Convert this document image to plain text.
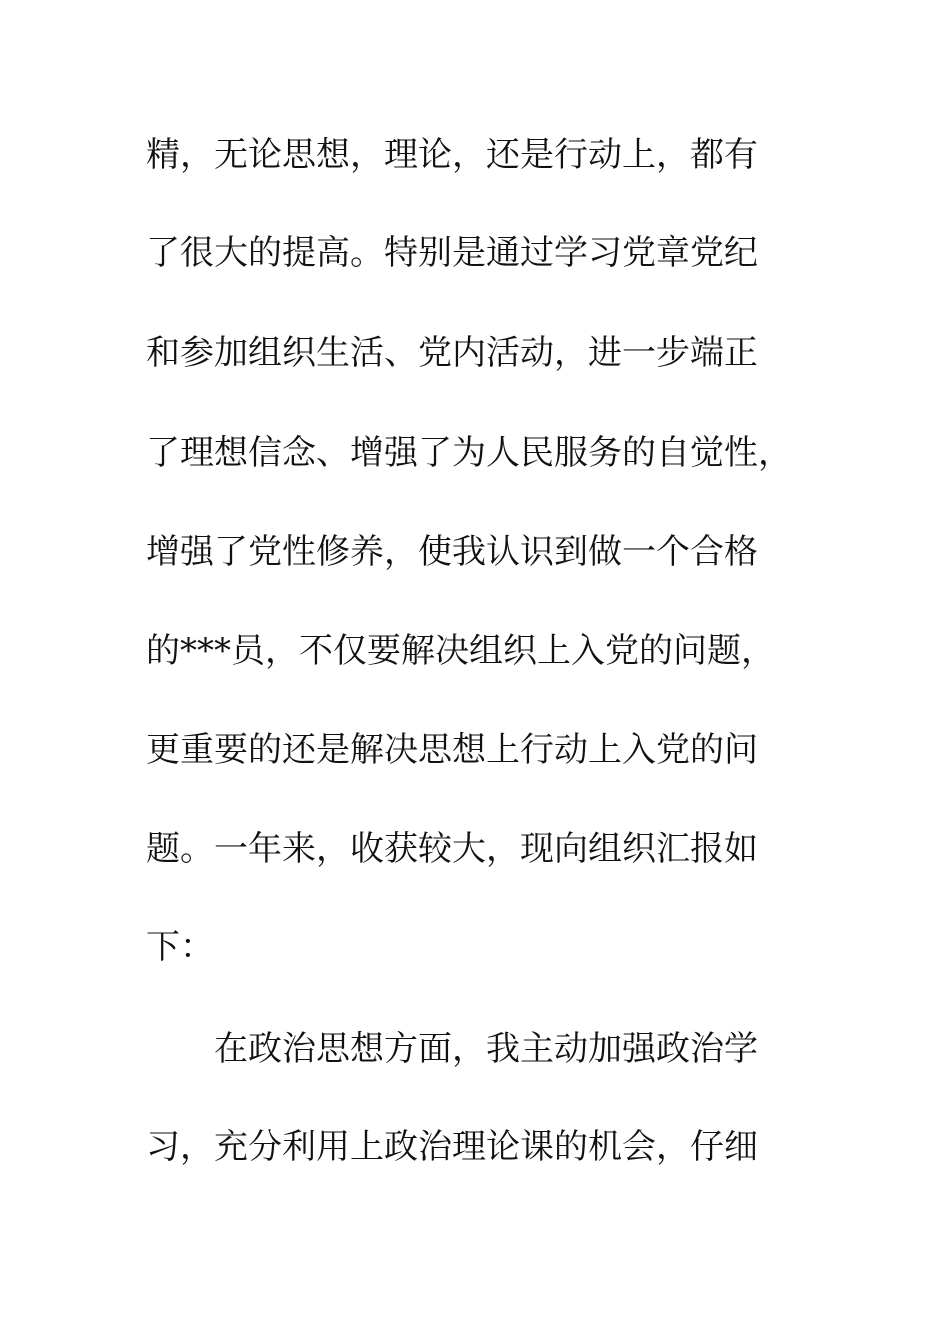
精，无论思想，理论，还是行动上，都有
了很大的提高。特别是通过学习党章党纪
和参加组织生活、党内活动，进一步端正
了理想信念、增强了为人民服务的自觉性，
增强了党性修养，使我认识到做一个合格
的***员，不仅要解决组织上入党的问题，
更重要的还是解决思想上行动上入党的问
题。一年来，收获较大，现向组织汇报如
下：
在政治思想方面，我主动加强政治学
习，充分利用上政治理论课的机会，仔细
